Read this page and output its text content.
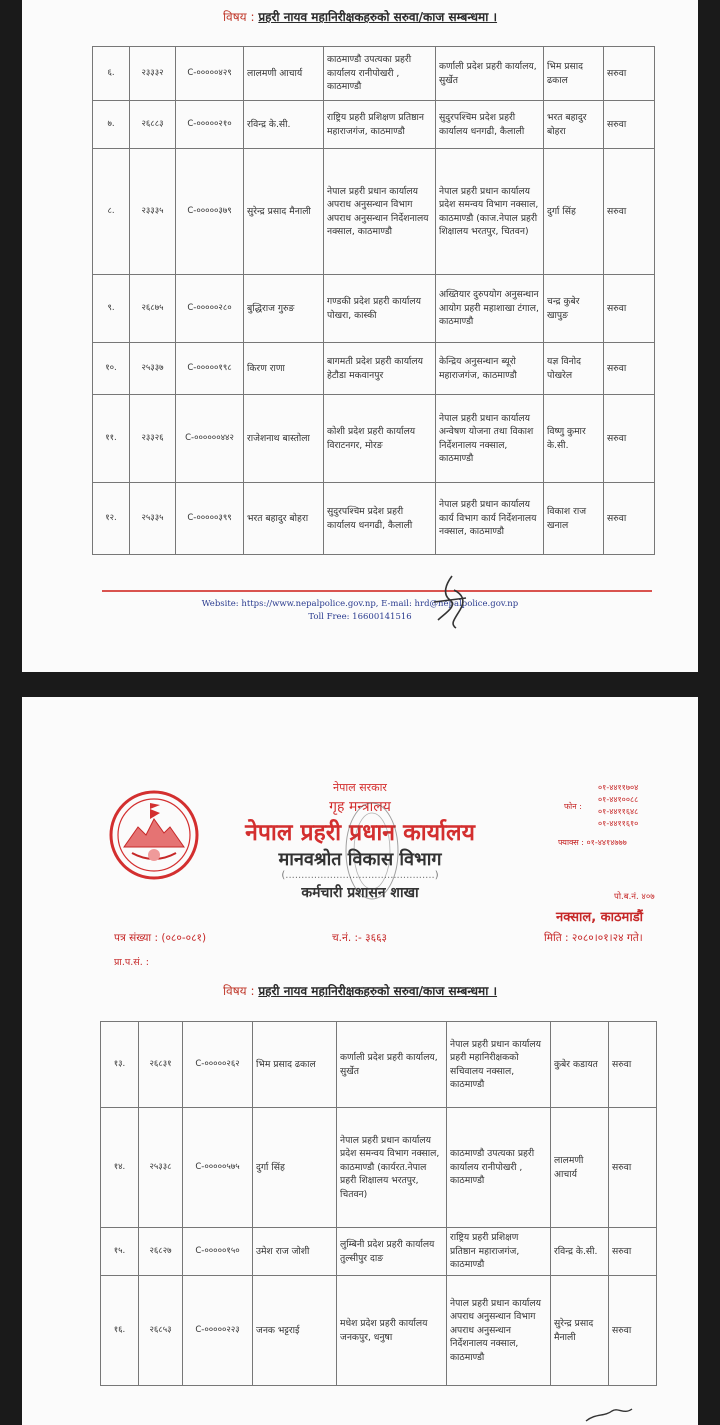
विषय : प्रहरी नायव महानिरीक्षकहरुको सरुवा/काज सम्बन्धमा ।
६.	२३३३२	C-०००००४२९	लालमणी आचार्य	काठमाण्डौ उपत्यका प्रहरी कार्यालय रानीपोखरी , काठमाण्डौ	कर्णाली प्रदेश प्रहरी कार्यालय, सुर्खेत	भिम प्रसाद ढकाल	सरुवा
७.	२६८८३	C-०००००२१०	रविन्द्र के.सी.	राष्ट्रिय प्रहरी प्रशिक्षण प्रतिष्ठान महाराजगंज, काठमाण्डौ	सुदुरपश्चिम प्रदेश प्रहरी कार्यालय धनगढी, कैलाली	भरत बहादुर बोहरा	सरुवा
८.	२३३३५	C-०००००३७९	सुरेन्द्र प्रसाद मैनाली	नेपाल प्रहरी प्रधान कार्यालय अपराध अनुसन्धान विभाग अपराध अनुसन्धान निर्देशनालय नक्साल, काठमाण्डौ	नेपाल प्रहरी प्रधान कार्यालय प्रदेश समन्वय विभाग नक्साल, काठमाण्डौ (काज.नेपाल प्रहरी शिक्षालय भरतपुर, चितवन)	दुर्गा सिंह	सरुवा
९.	२६८७५	C-०००००२८०	बुद्धिराज गुरुङ	गण्डकी प्रदेश प्रहरी कार्यालय पोखरा, कास्की	अख्तियार दुरुपयोग अनुसन्धान आयोग प्रहरी महाशाखा टंगाल, काठमाण्डौ	चन्द्र कुबेर खापुङ	सरुवा
१०.	२५३३७	C-०००००१९८	किरण राणा	बागमती प्रदेश प्रहरी कार्यालय हेटौडा मकवानपुर	केन्द्रिय अनुसन्धान ब्यूरो महाराजगंज, काठमाण्डौ	यज्ञ विनोद पोखरेल	सरुवा
११.	२३३२६	C-००००००४४२	राजेशनाथ बास्तोला	कोशी प्रदेश प्रहरी कार्यालय विराटनगर, मोरङ	नेपाल प्रहरी प्रधान कार्यालय अन्वेषण योजना तथा विकाश निर्देशनालय नक्साल, काठमाण्डौ	विष्णु कुमार के.सी.	सरुवा
१२.	२५३३५	C-०००००३९९	भरत बहादुर बोहरा	सुदुरपश्चिम प्रदेश प्रहरी कार्यालय धनगढी, कैलाली	नेपाल प्रहरी प्रधान कार्यालय कार्य विभाग कार्य निर्देशनालय नक्साल, काठमाण्डौ	विकाश राज खनाल	सरुवा
Website: https://www.nepalpolice.gov.np, E-mail: hrd@nepalpolice.gov.np
Toll Free: 16600141516
नेपाल सरकार
गृह मन्त्रालय
नेपाल प्रहरी प्रधान कार्यालय
मानवश्रोत विकास विभाग
(...............................................)
कर्मचारी प्रशासन शाखा
फोन :
०१-४४११७०४
०१-४४१००८८
०१-४४११६४८
०१-४४११६१०
फ्याक्स : ०१-४४१४७७७
पो.ब.नं. ४०७
नक्साल, काठमाडौं
पत्र संख्या : (०८०-०८१)	च.नं. :- ३६६३	मिति : २०८०।०१।२४ गते।
प्रा.प.सं. :
विषय : प्रहरी नायव महानिरीक्षकहरुको सरुवा/काज सम्बन्धमा ।
१३.	२६८३१	C-०००००२६२	भिम प्रसाद ढकाल	कर्णाली प्रदेश प्रहरी कार्यालय, सुर्खेत	नेपाल प्रहरी प्रधान कार्यालय प्रहरी महानिरीक्षकको सचिवालय नक्साल, काठमाण्डौ	कुबेर कडायत	सरुवा
१४.	२५३३८	C-०००००५७५	दुर्गा सिंह	नेपाल प्रहरी प्रधान कार्यालय प्रदेश समन्वय विभाग नक्साल, काठमाण्डौ (कार्यरत.नेपाल प्रहरी शिक्षालय भरतपुर, चितवन)	काठमाण्डौ उपत्यका प्रहरी कार्यालय रानीपोखरी , काठमाण्डौ	लालमणी आचार्य	सरुवा
१५.	२६८२७	C-०००००१५०	उमेश राज जोशी	लुम्बिनी प्रदेश प्रहरी कार्यालय तुल्सीपुर दाङ	राष्ट्रिय प्रहरी प्रशिक्षण प्रतिष्ठान महाराजगंज, काठमाण्डौ	रविन्द्र के.सी.	सरुवा
१६.	२६८५३	C-०००००२२३	जनक भट्टराई	मधेश प्रदेश प्रहरी कार्यालय जनकपुर, धनुषा	नेपाल प्रहरी प्रधान कार्यालय अपराध अनुसन्धान विभाग अपराध अनुसन्धान निर्देशनालय नक्साल, काठमाण्डौ	सुरेन्द्र प्रसाद मैनाली	सरुवा
